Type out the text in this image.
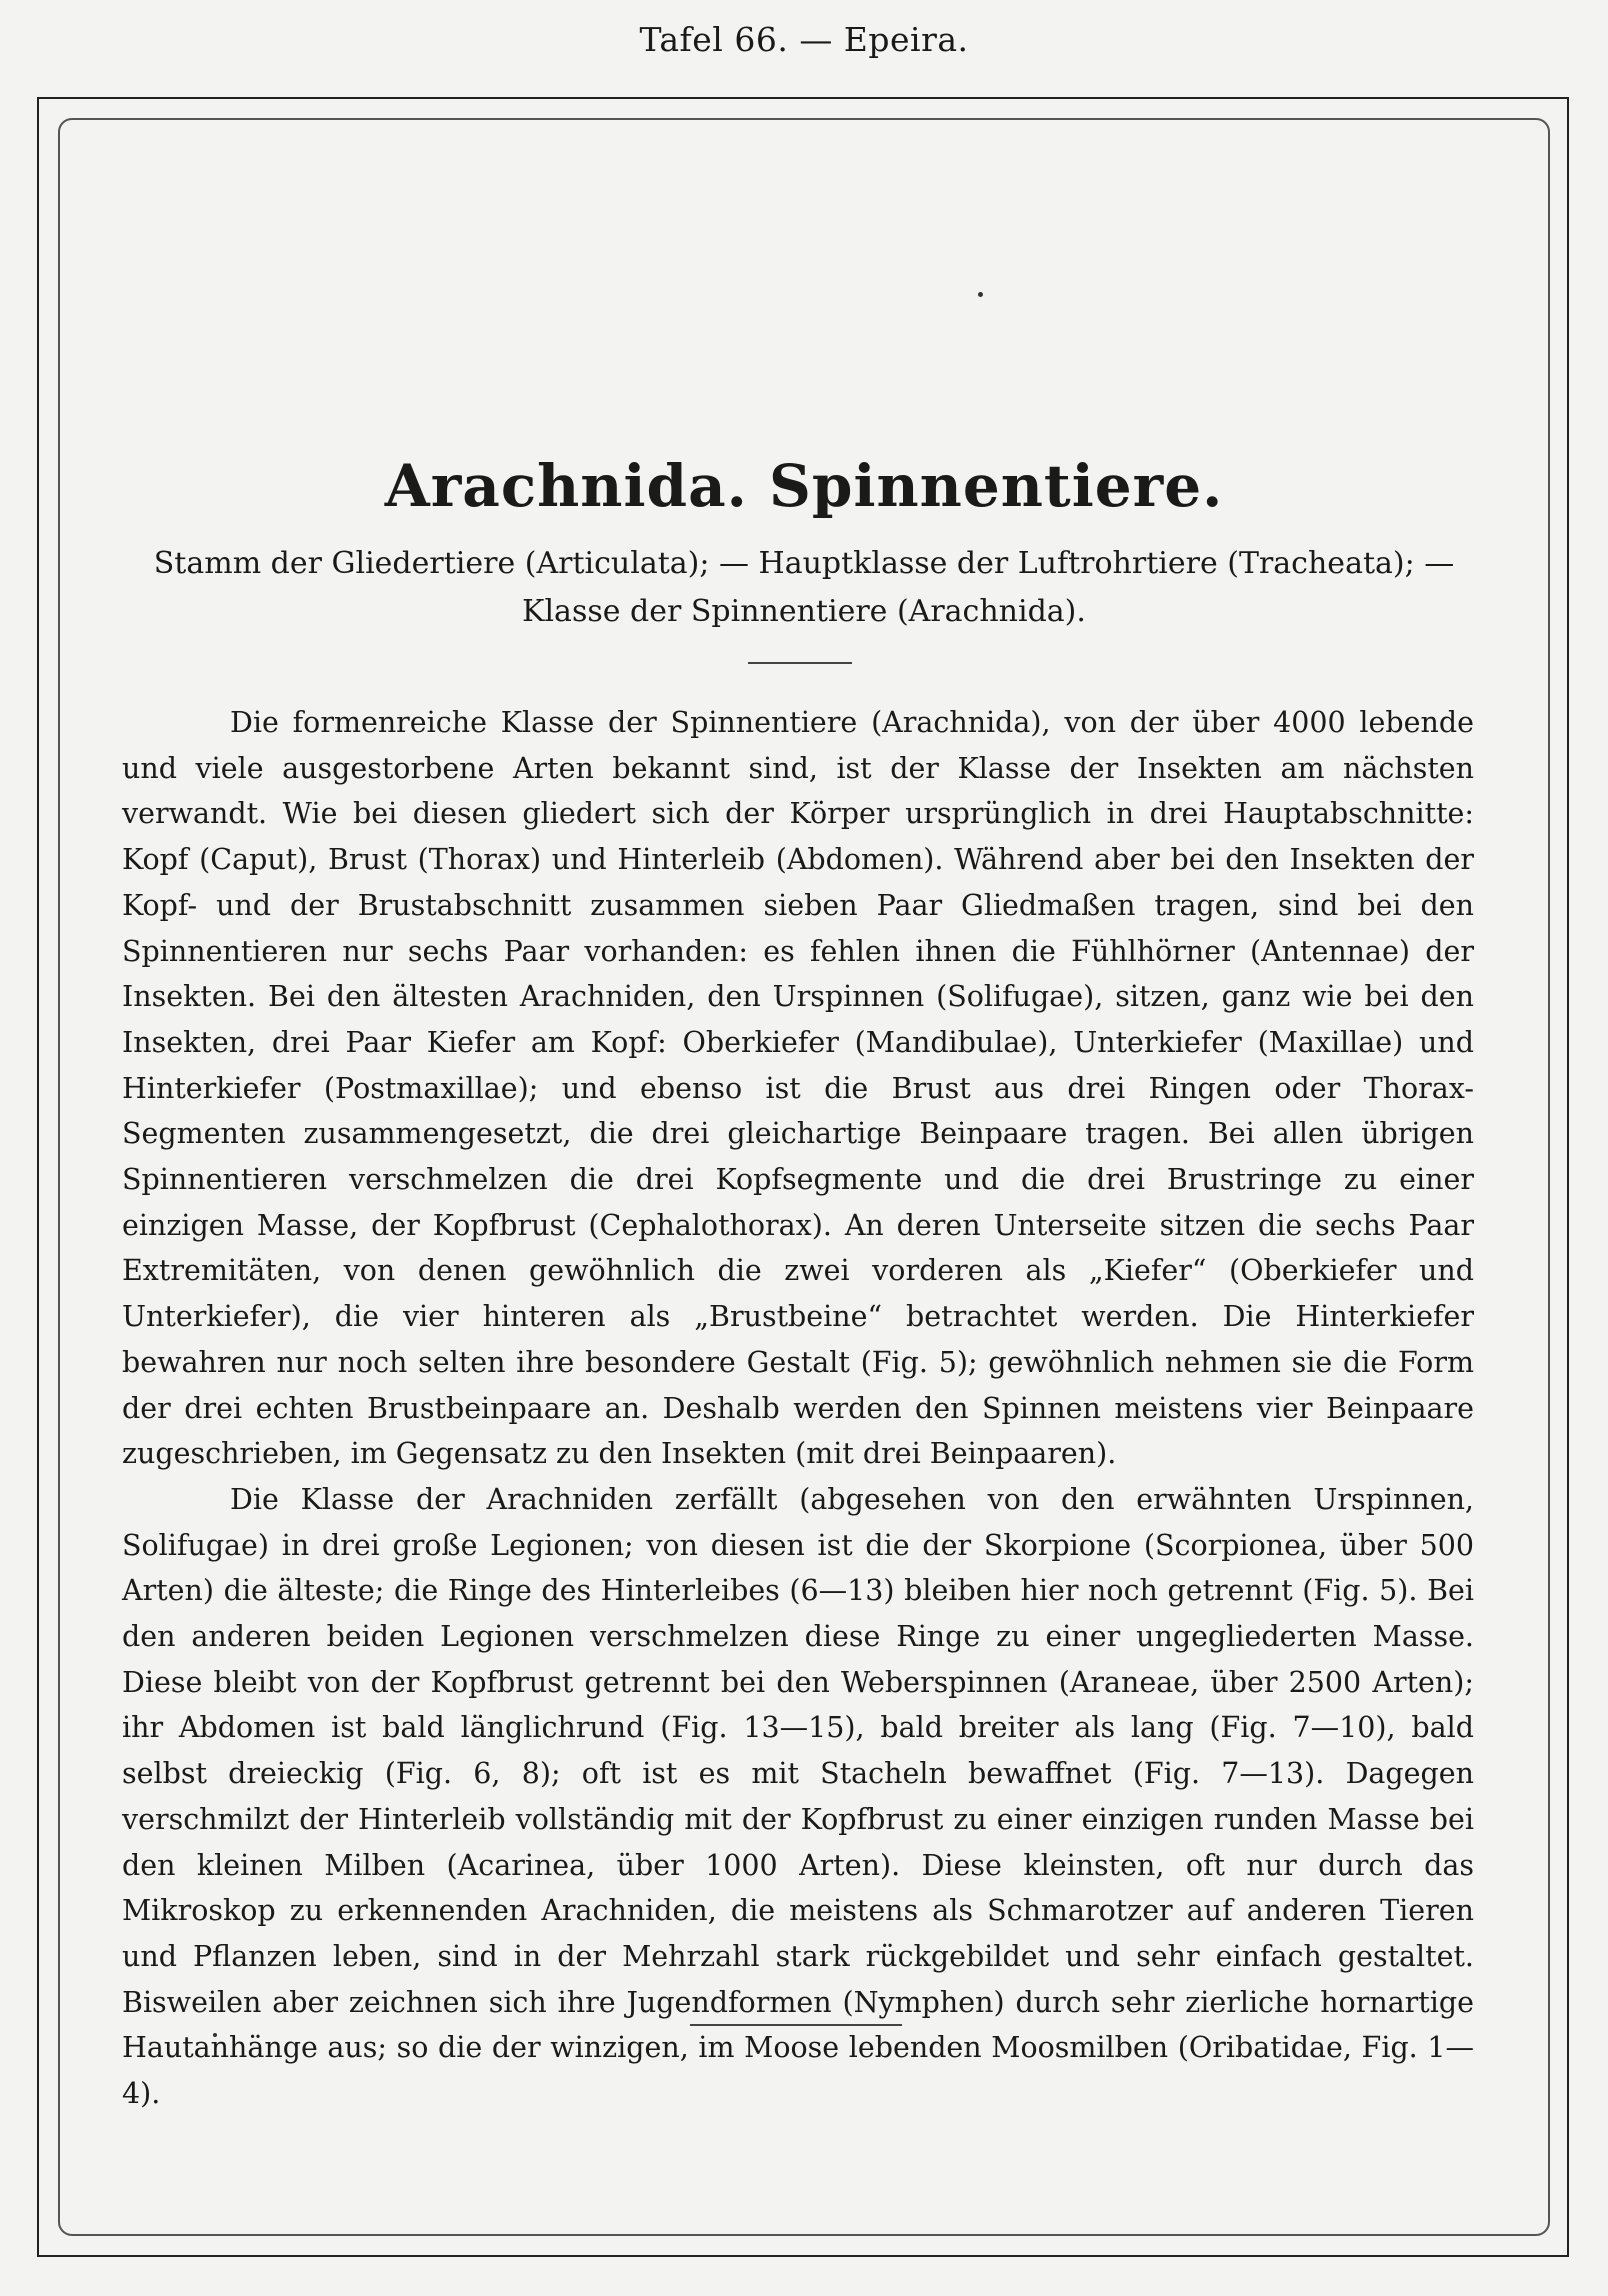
Tafel 66. — Epeira.
Arachnida. Spinnentiere.
Stamm der Gliedertiere (Articulata); — Hauptklasse der Luftrohrtiere (Tracheata); —
Klasse der Spinnentiere (Arachnida).

Die formenreiche Klasse der Spinnentiere (Arachnida), von der über 4000 lebende und viele ausgestorbene Arten bekannt sind, ist der Klasse der Insekten am nächsten verwandt. Wie bei diesen gliedert sich der Körper ursprünglich in drei Hauptabschnitte: Kopf (Caput), Brust (Thorax) und Hinterleib (Abdomen). Während aber bei den Insekten der Kopf- und der Brustabschnitt zusammen sieben Paar Gliedmaßen tragen, sind bei den Spinnentieren nur sechs Paar vorhanden: es fehlen ihnen die Fühlhörner (Antennae) der Insekten. Bei den ältesten Arachniden, den Urspinnen (Solifugae), sitzen, ganz wie bei den Insekten, drei Paar Kiefer am Kopf: Oberkiefer (Mandibulae), Unterkiefer (Maxillae) und Hinterkiefer (Postmaxillae); und ebenso ist die Brust aus drei Ringen oder Thorax-Segmenten zusammengesetzt, die drei gleichartige Beinpaare tragen. Bei allen übrigen Spinnentieren verschmelzen die drei Kopfsegmente und die drei Brustringe zu einer einzigen Masse, der Kopfbrust (Cephalothorax). An deren Unterseite sitzen die sechs Paar Extremitäten, von denen gewöhnlich die zwei vorderen als „Kiefer“ (Oberkiefer und Unterkiefer), die vier hinteren als „Brustbeine“ betrachtet werden. Die Hinterkiefer bewahren nur noch selten ihre besondere Gestalt (Fig. 5); gewöhnlich nehmen sie die Form der drei echten Brustbeinpaare an. Deshalb werden den Spinnen meistens vier Beinpaare zugeschrieben, im Gegensatz zu den Insekten (mit drei Beinpaaren).

Die Klasse der Arachniden zerfällt (abgesehen von den erwähnten Urspinnen, Solifugae) in drei große Legionen; von diesen ist die der Skorpione (Scorpionea, über 500 Arten) die älteste; die Ringe des Hinterleibes (6—13) bleiben hier noch getrennt (Fig. 5). Bei den anderen beiden Legionen verschmelzen diese Ringe zu einer ungegliederten Masse. Diese bleibt von der Kopfbrust getrennt bei den Weberspinnen (Araneae, über 2500 Arten); ihr Abdomen ist bald länglichrund (Fig. 13—15), bald breiter als lang (Fig. 7—10), bald selbst dreieckig (Fig. 6, 8); oft ist es mit Stacheln bewaffnet (Fig. 7—13). Dagegen verschmilzt der Hinterleib vollständig mit der Kopfbrust zu einer einzigen runden Masse bei den kleinen Milben (Acarinea, über 1000 Arten). Diese kleinsten, oft nur durch das Mikroskop zu erkennenden Arachniden, die meistens als Schmarotzer auf anderen Tieren und Pflanzen leben, sind in der Mehrzahl stark rückgebildet und sehr einfach gestaltet. Bisweilen aber zeichnen sich ihre Jugendformen (Nymphen) durch sehr zierliche hornartige Hautanhänge aus; so die der winzigen, im Moose lebenden Moosmilben (Oribatidae, Fig. 1—4).
